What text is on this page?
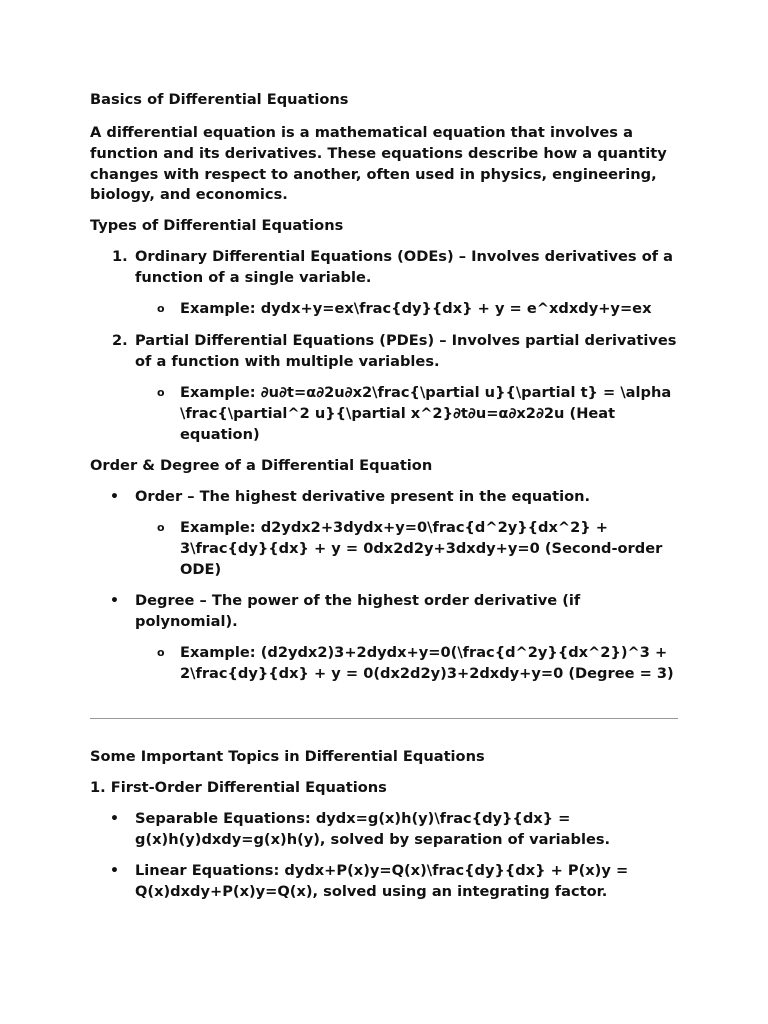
Basics of Differential Equations

A differential equation is a mathematical equation that involves a function and its derivatives. These equations describe how a quantity changes with respect to another, often used in physics, engineering, biology, and economics.

Types of Differential Equations

1. Ordinary Differential Equations (ODEs) – Involves derivatives of a function of a single variable.
o Example: dydx+y=ex\frac{dy}{dx} + y = e^xdxdy+y=ex
2. Partial Differential Equations (PDEs) – Involves partial derivatives of a function with multiple variables.
o Example: ∂u∂t=α∂2u∂x2\frac{\partial u}{\partial t} = \alpha \frac{\partial^2 u}{\partial x^2}∂t∂u=α∂x2∂2u (Heat equation)

Order & Degree of a Differential Equation

• Order – The highest derivative present in the equation.
o Example: d2ydx2+3dydx+y=0\frac{d^2y}{dx^2} + 3\frac{dy}{dx} + y = 0dx2d2y+3dxdy+y=0 (Second-order ODE)
• Degree – The power of the highest order derivative (if polynomial).
o Example: (d2ydx2)3+2dydx+y=0(\frac{d^2y}{dx^2})^3 + 2\frac{dy}{dx} + y = 0(dx2d2y)3+2dxdy+y=0 (Degree = 3)

Some Important Topics in Differential Equations

1. First-Order Differential Equations

• Separable Equations: dydx=g(x)h(y)\frac{dy}{dx} = g(x)h(y)dxdy=g(x)h(y), solved by separation of variables.
• Linear Equations: dydx+P(x)y=Q(x)\frac{dy}{dx} + P(x)y = Q(x)dxdy+P(x)y=Q(x), solved using an integrating factor.
